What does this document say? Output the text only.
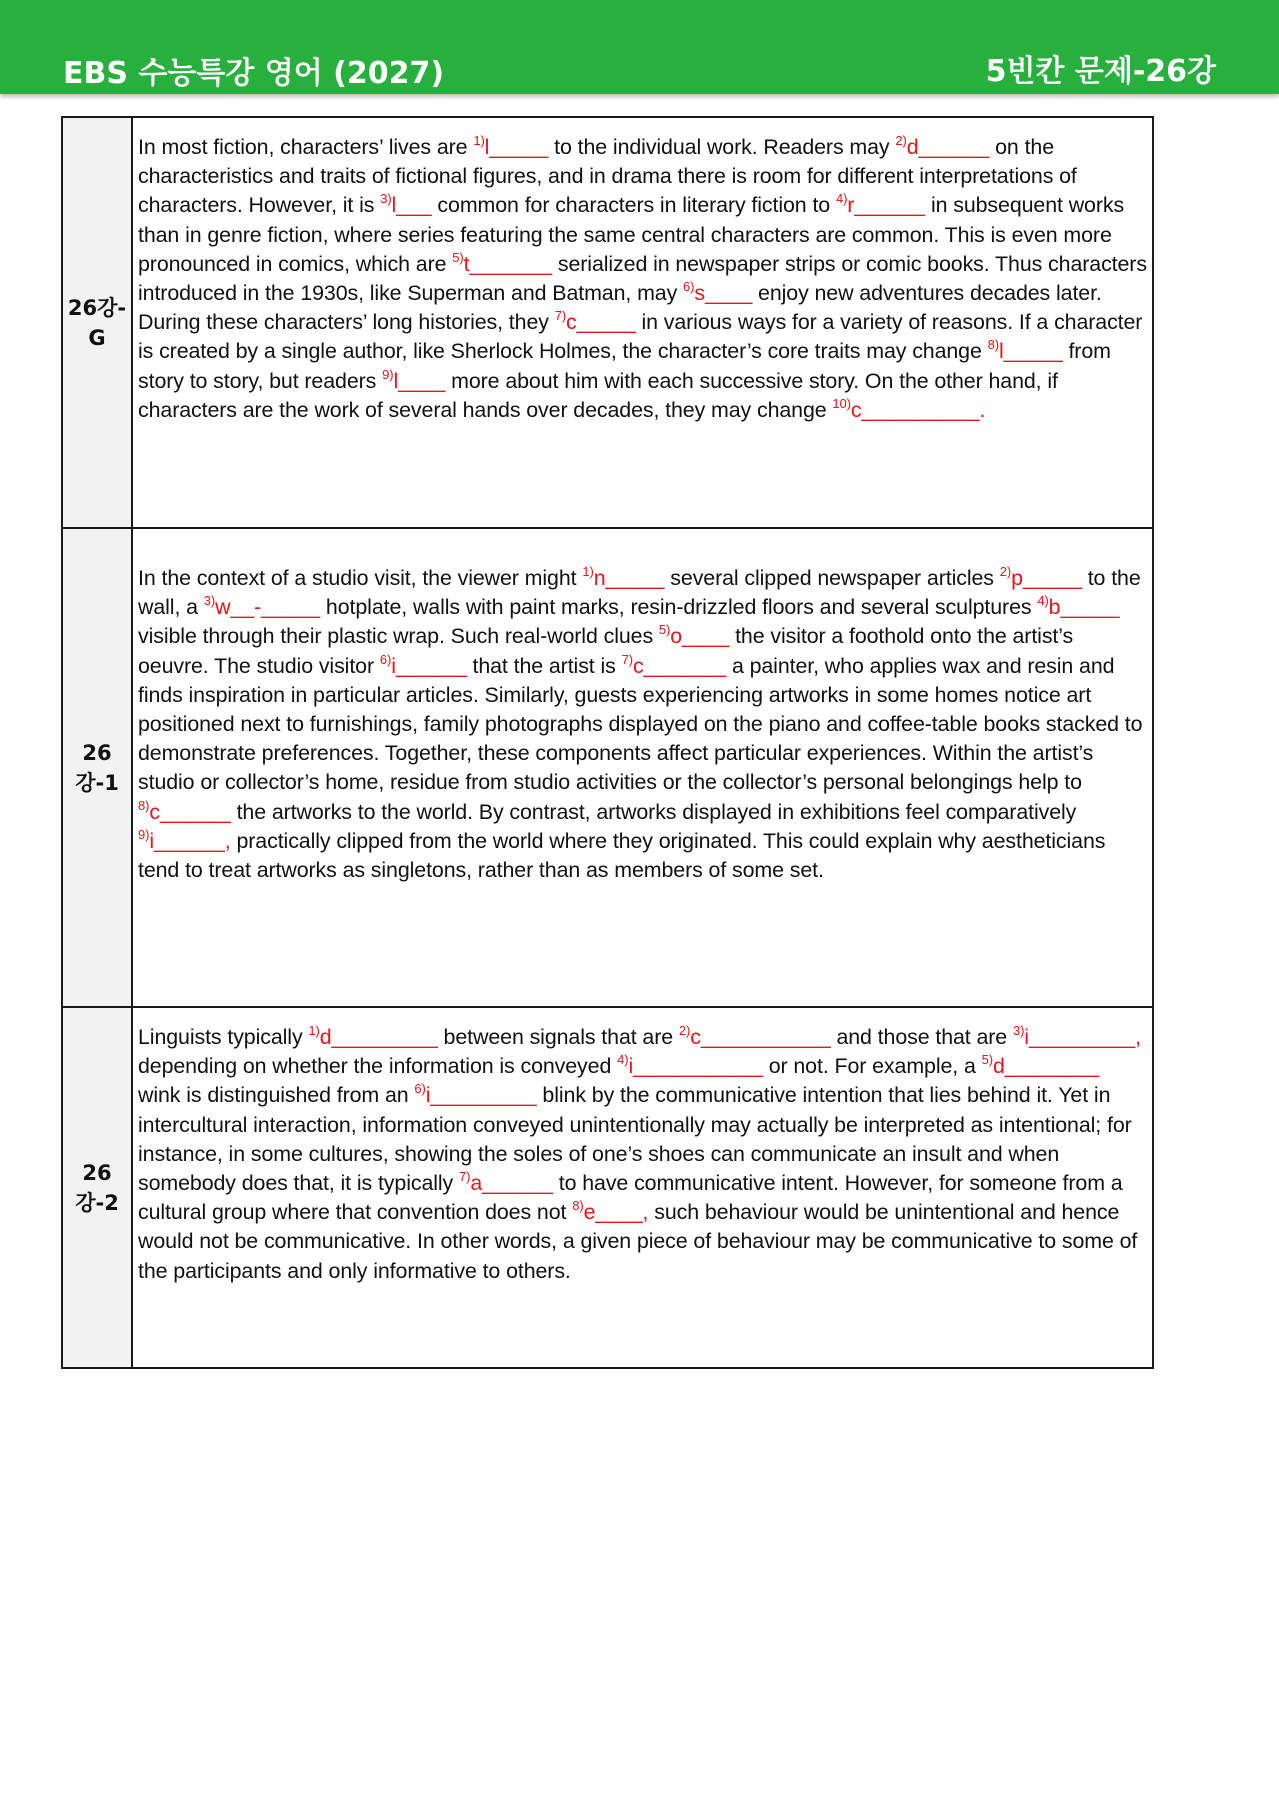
EBS 수능특강 영어 (2027)	5빈칸 문제-26강
26강-G	In most fiction, characters’ lives are $^{1)}$l_____ to the individual work. Readers may $^{2)}$d______ on the characteristics and traits of fictional figures, and in drama there is room for different interpretations of characters. However, it is $^{3)}$l___ common for characters in literary fiction to $^{4)}$r______ in subsequent works than in genre fiction, where series featuring the same central characters are common. This is even more pronounced in comics, which are $^{5)}$t_______ serialized in newspaper strips or comic books. Thus characters introduced in the 1930s, like Superman and Batman, may $^{6)}$s____ enjoy new adventures decades later. During these characters’ long histories, they $^{7)}$c_____ in various ways for a variety of reasons. If a character is created by a single author, like Sherlock Holmes, the character’s core traits may change $^{8)}$l_____ from story to story, but readers $^{9)}$l____ more about him with each successive story. On the other hand, if characters are the work of several hands over decades, they may change $^{10)}$c__________.
26강-1	In the context of a studio visit, the viewer might $^{1)}$n_____ several clipped newspaper articles $^{2)}$p_____ to the wall, a $^{3)}$w__-_____ hotplate, walls with paint marks, resin-drizzled floors and several sculptures $^{4)}$b_____ visible through their plastic wrap. Such real-world clues $^{5)}$o____ the visitor a foothold onto the artist’s oeuvre. The studio visitor $^{6)}$i______ that the artist is $^{7)}$c_______ a painter, who applies wax and resin and finds inspiration in particular articles. Similarly, guests experiencing artworks in some homes notice art positioned next to furnishings, family photographs displayed on the piano and coffee-table books stacked to demonstrate preferences. Together, these components affect particular experiences. Within the artist’s studio or collector’s home, residue from studio activities or the collector’s personal belongings help to $^{8)}$c______ the artworks to the world. By contrast, artworks displayed in exhibitions feel comparatively $^{9)}$i______, practically clipped from the world where they originated. This could explain why aestheticians tend to treat artworks as singletons, rather than as members of some set.
26강-2	Linguists typically $^{1)}$d_________ between signals that are $^{2)}$c___________ and those that are $^{3)}$i_________, depending on whether the information is conveyed $^{4)}$i___________ or not. For example, a $^{5)}$d________ wink is distinguished from an $^{6)}$i_________ blink by the communicative intention that lies behind it. Yet in intercultural interaction, information conveyed unintentionally may actually be interpreted as intentional; for instance, in some cultures, showing the soles of one’s shoes can communicate an insult and when somebody does that, it is typically $^{7)}$a______ to have communicative intent. However, for someone from a cultural group where that convention does not $^{8)}$e____, such behaviour would be unintentional and hence would not be communicative. In other words, a given piece of behaviour may be communicative to some of the participants and only informative to others.
